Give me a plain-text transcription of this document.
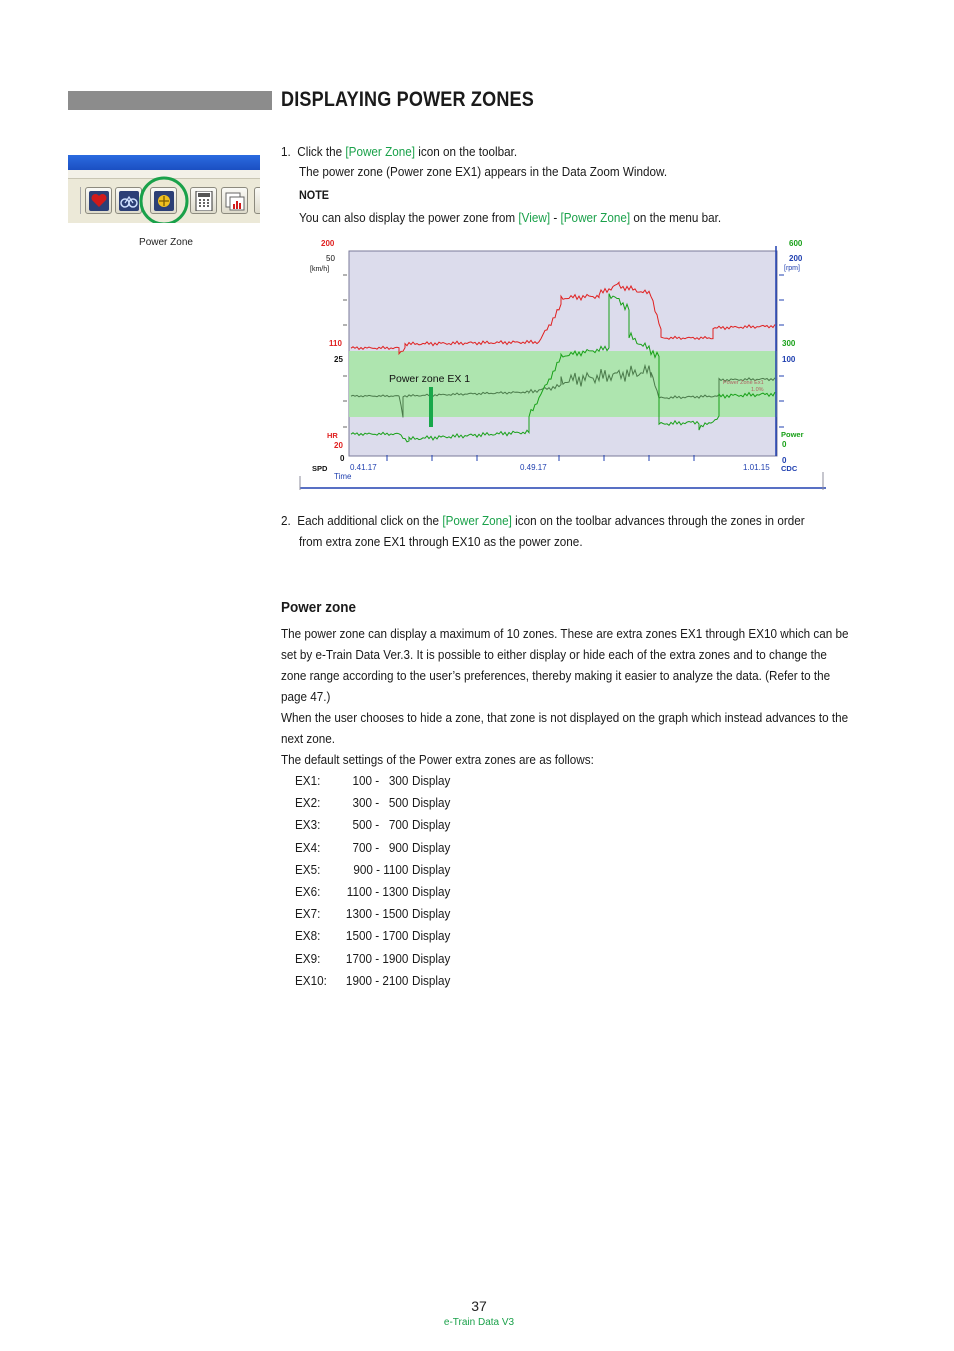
DISPLAYING POWER ZONES
Power Zone
1. Click the [Power Zone] icon on the toolbar.
The power zone (Power zone EX1) appears in the Data Zoom Window.
NOTE
You can also display the power zone from [View] - [Power Zone] on the menu bar.
Power zone EX 1	Power Zone Ex1
1.0%
200
50
[km/h]
110
25
HR
20
0
SPD
600
200
[rpm]
300
100
Power
0
0
CDC
0.41.17	0.49.17	1.01.15
Time
2. Each additional click on the [Power Zone] icon on the toolbar advances through the zones in order
from extra zone EX1 through EX10 as the power zone.
Power zone
The power zone can display a maximum of 10 zones. These are extra zones EX1 through EX10 which can be
set by e-Train Data Ver.3. It is possible to either display or hide each of the extra zones and to change the
zone range according to the user’s preferences, thereby making it easier to analyze the data. (Refer to the
page 47.)
When the user chooses to hide a zone, that zone is not displayed on the graph which instead advances to the
next zone.
The default settings of the Power extra zones are as follows:
EX1: 100 -   300 Display
EX2: 300 -   500 Display
EX3: 500 -   700 Display
EX4: 700 -   900 Display
EX5:	900 - 1100 Display
EX6: 1100 - 1300 Display
EX7: 1300 - 1500 Display
EX8: 1500 - 1700 Display
EX9: 1700 - 1900 Display
EX10: 1900 - 2100 Display
37
e-Train Data V3
